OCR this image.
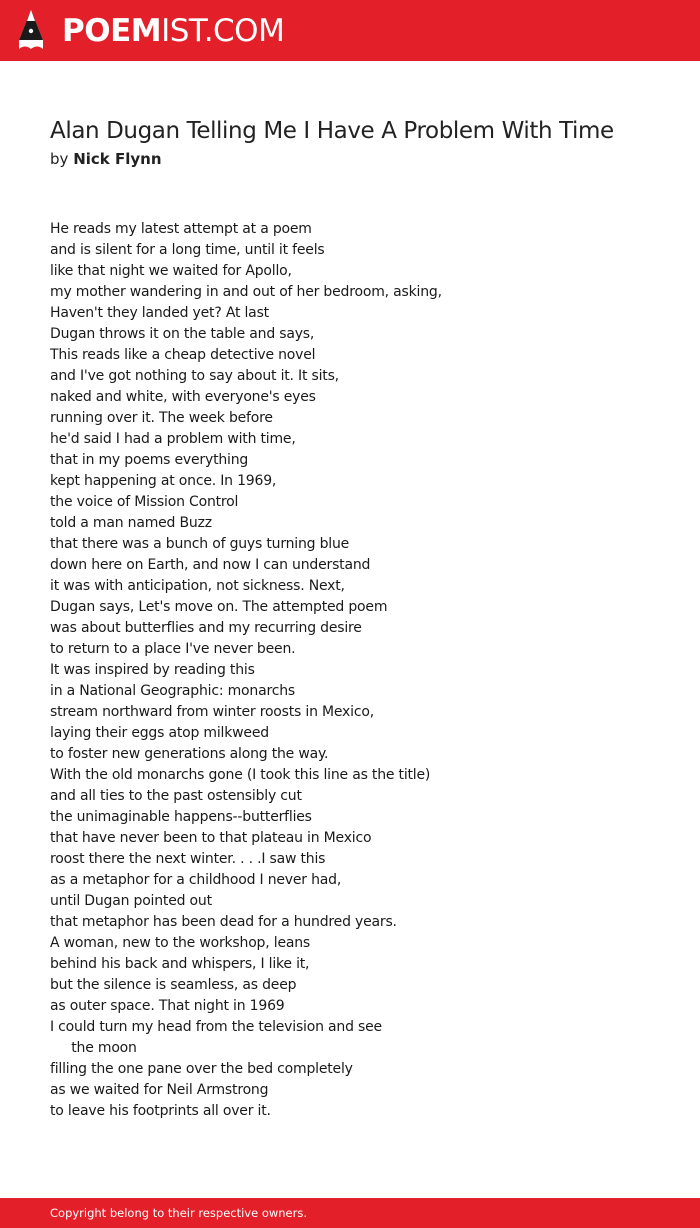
POEMIST.COM
Alan Dugan Telling Me I Have A Problem With Time
by Nick Flynn
He reads my latest attempt at a poem
and is silent for a long time, until it feels
like that night we waited for Apollo,
my mother wandering in and out of her bedroom, asking,
Haven't they landed yet? At last
Dugan throws it on the table and says,
This reads like a cheap detective novel
and I've got nothing to say about it. It sits,
naked and white, with everyone's eyes
running over it. The week before
he'd said I had a problem with time,
that in my poems everything
kept happening at once. In 1969,
the voice of Mission Control
told a man named Buzz
that there was a bunch of guys turning blue
down here on Earth, and now I can understand
it was with anticipation, not sickness. Next,
Dugan says, Let's move on. The attempted poem
was about butterflies and my recurring desire
to return to a place I've never been.
It was inspired by reading this
in a National Geographic: monarchs
stream northward from winter roosts in Mexico,
laying their eggs atop milkweed
to foster new generations along the way.
With the old monarchs gone (I took this line as the title)
and all ties to the past ostensibly cut
the unimaginable happens--butterflies
that have never been to that plateau in Mexico
roost there the next winter. . . .I saw this
as a metaphor for a childhood I never had,
until Dugan pointed out
that metaphor has been dead for a hundred years.
A woman, new to the workshop, leans
behind his back and whispers, I like it,
but the silence is seamless, as deep
as outer space. That night in 1969
I could turn my head from the television and see
the moon
filling the one pane over the bed completely
as we waited for Neil Armstrong
to leave his footprints all over it.
Copyright belong to their respective owners.
